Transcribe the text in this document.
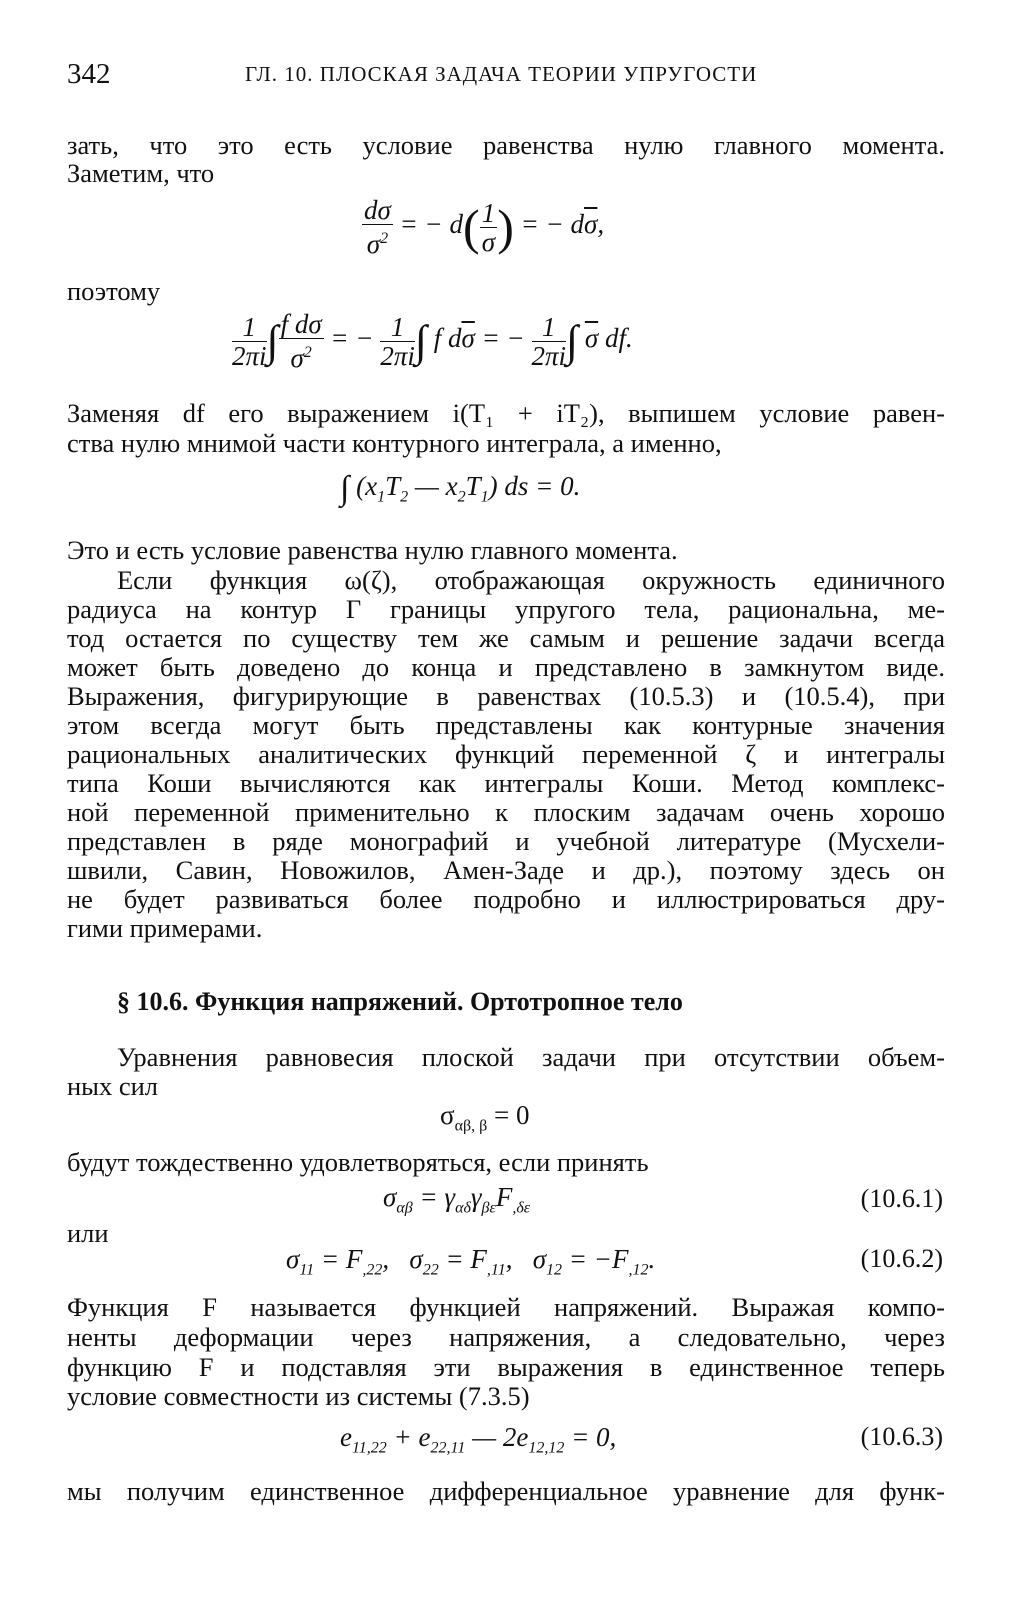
342	ГЛ. 10. ПЛОСКАЯ ЗАДАЧА ТЕОРИИ УПРУГОСТИ
зать, что это есть условие равенства нулю главного момента.
Заметим, что
$\frac{d\sigma}{\sigma^2}$ = − $d( \frac{1}{\sigma}$ ) = − $d\overline{\sigma}$,
поэтому
$\frac{1}{2\pi i}$ ∫ $\frac{\text{f dσ}}{\sigma^2}$ = − $\frac{1}{2\pi i}$ ∫ f $d\overline{\sigma}$ = − $\frac{1}{2\pi i}$ ∫ $\overline{\sigma}$ df.
Заменяя df его выражением i(T₁ + iT₂), выпишем условие равен-
ства нулю мнимой части контурного интеграла, а именно,
∫ ($x_1T_2$ — $x_2T_1$) ds = 0.
Это и есть условие равенства нулю главного момента.
Если функция ω(ζ), отображающая окружность единичного
радиуса на контур Г границы упругого тела, рациональна, ме-
тод остается по существу тем же самым и решение задачи всегда
может быть доведено до конца и представлено в замкнутом виде.
Выражения, фигурирующие в равенствах (10.5.3) и (10.5.4), при
этом всегда могут быть представлены как контурные значения
рациональных аналитических функций переменной ζ и интегралы
типа Коши вычисляются как интегралы Коши. Метод комплекс-
ной переменной применительно к плоским задачам очень хорошо
представлен в ряде монографий и учебной литературе (Мусхели-
швили, Савин, Новожилов, Амен-Заде и др.), поэтому здесь он
не будет развиваться более подробно и иллюстрироваться дру-
гими примерами.
§ 10.6. Функция напряжений. Ортотропное тело
Уравнения равновесия плоской задачи при отсутствии объем-
ных сил
$\sigma_{\alpha\beta, \beta} = 0$
будут тождественно удовлетворяться, если принять
$\sigma_{\alpha\beta} = \gamma_{\alpha\delta}\gamma_{\beta\varepsilon}F_{,\delta\varepsilon}$	(10.6.1)
или
$\sigma_{11} = F_{,22}$,   $\sigma_{22} = F_{,11}$,   $\sigma_{12} = -F_{,12}$.	(10.6.2)
Функция F называется функцией напряжений. Выражая компо-
ненты деформации через напряжения, а следовательно, через
функцию F и подставляя эти выражения в единственное теперь
условие совместности из системы (7.3.5)
$e_{11,22} + e_{22,11}$ — $2e_{12,12} = 0$,	(10.6.3)
мы получим единственное дифференциальное уравнение для функ-
